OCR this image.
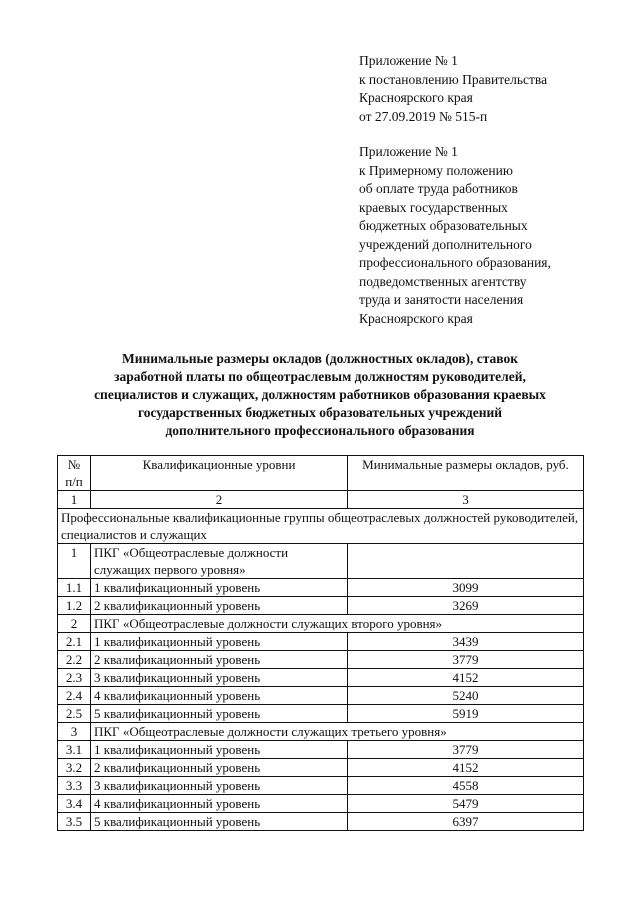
Приложение № 1
к постановлению Правительства
Красноярского края
от 27.09.2019 № 515-п
Приложение № 1
к Примерному положению
об оплате труда работников
краевых государственных
бюджетных образовательных
учреждений дополнительного
профессионального образования,
подведомственных агентству
труда и занятости населения
Красноярского края
Минимальные размеры окладов (должностных окладов), ставок
заработной платы по общеотраслевым должностям руководителей,
специалистов и служащих, должностям работников образования краевых
государственных бюджетных образовательных учреждений
дополнительного профессионального образования
№ п/п	Квалификационные уровни	Минимальные размеры окладов, руб.
1	2	3
Профессиональные квалификационные группы общеотраслевых должностей руководителей, специалистов и служащих		
1	ПКГ «Общеотраслевые должности служащих первого уровня»	
1.1	1 квалификационный уровень	3099
1.2	2 квалификационный уровень	3269
2	ПКГ «Общеотраслевые должности служащих второго уровня»	
2.1	1 квалификационный уровень	3439
2.2	2 квалификационный уровень	3779
2.3	3 квалификационный уровень	4152
2.4	4 квалификационный уровень	5240
2.5	5 квалификационный уровень	5919
3	ПКГ «Общеотраслевые должности служащих третьего уровня»	
3.1	1 квалификационный уровень	3779
3.2	2 квалификационный уровень	4152
3.3	3 квалификационный уровень	4558
3.4	4 квалификационный уровень	5479
3.5	5 квалификационный уровень	6397
